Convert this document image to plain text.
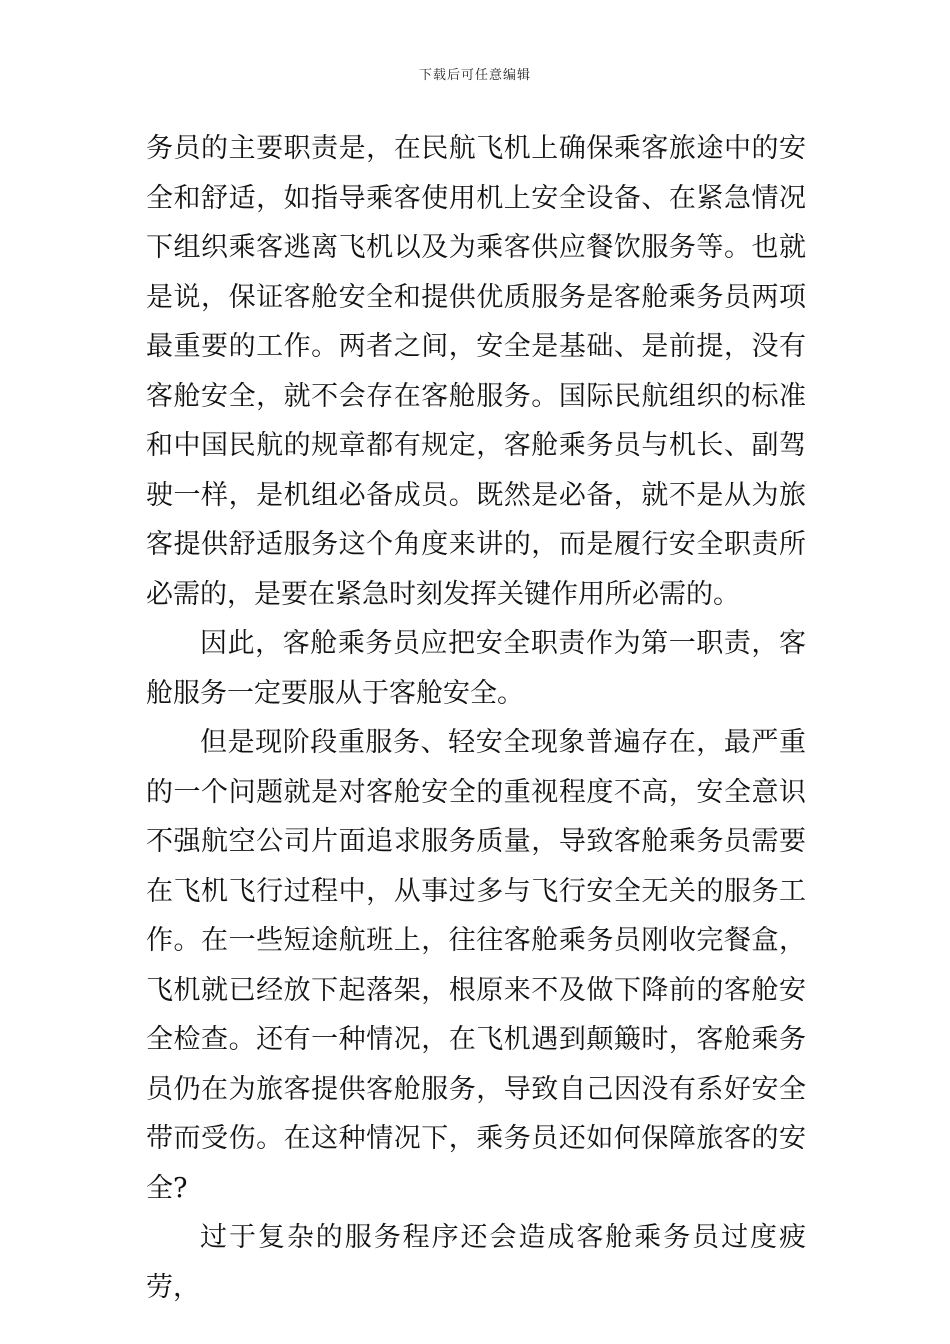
下载后可任意编辑

务员的主要职责是，在民航飞机上确保乘客旅途中的安全和舒适，如指导乘客使用机上安全设备、在紧急情况下组织乘客逃离飞机以及为乘客供应餐饮服务等。也就是说，保证客舱安全和提供优质服务是客舱乘务员两项最重要的工作。两者之间，安全是基础、是前提，没有客舱安全，就不会存在客舱服务。国际民航组织的标准和中国民航的规章都有规定，客舱乘务员与机长、副驾驶一样，是机组必备成员。既然是必备，就不是从为旅客提供舒适服务这个角度来讲的，而是履行安全职责所必需的，是要在紧急时刻发挥关键作用所必需的。

因此，客舱乘务员应把安全职责作为第一职责，客舱服务一定要服从于客舱安全。

但是现阶段重服务、轻安全现象普遍存在，最严重的一个问题就是对客舱安全的重视程度不高，安全意识不强航空公司片面追求服务质量，导致客舱乘务员需要在飞机飞行过程中，从事过多与飞行安全无关的服务工作。在一些短途航班上，往往客舱乘务员刚收完餐盒，飞机就已经放下起落架，根原来不及做下降前的客舱安全检查。还有一种情况，在飞机遇到颠簸时，客舱乘务员仍在为旅客提供客舱服务，导致自己因没有系好安全带而受伤。在这种情况下，乘务员还如何保障旅客的安全?

过于复杂的服务程序还会造成客舱乘务员过度疲劳，
